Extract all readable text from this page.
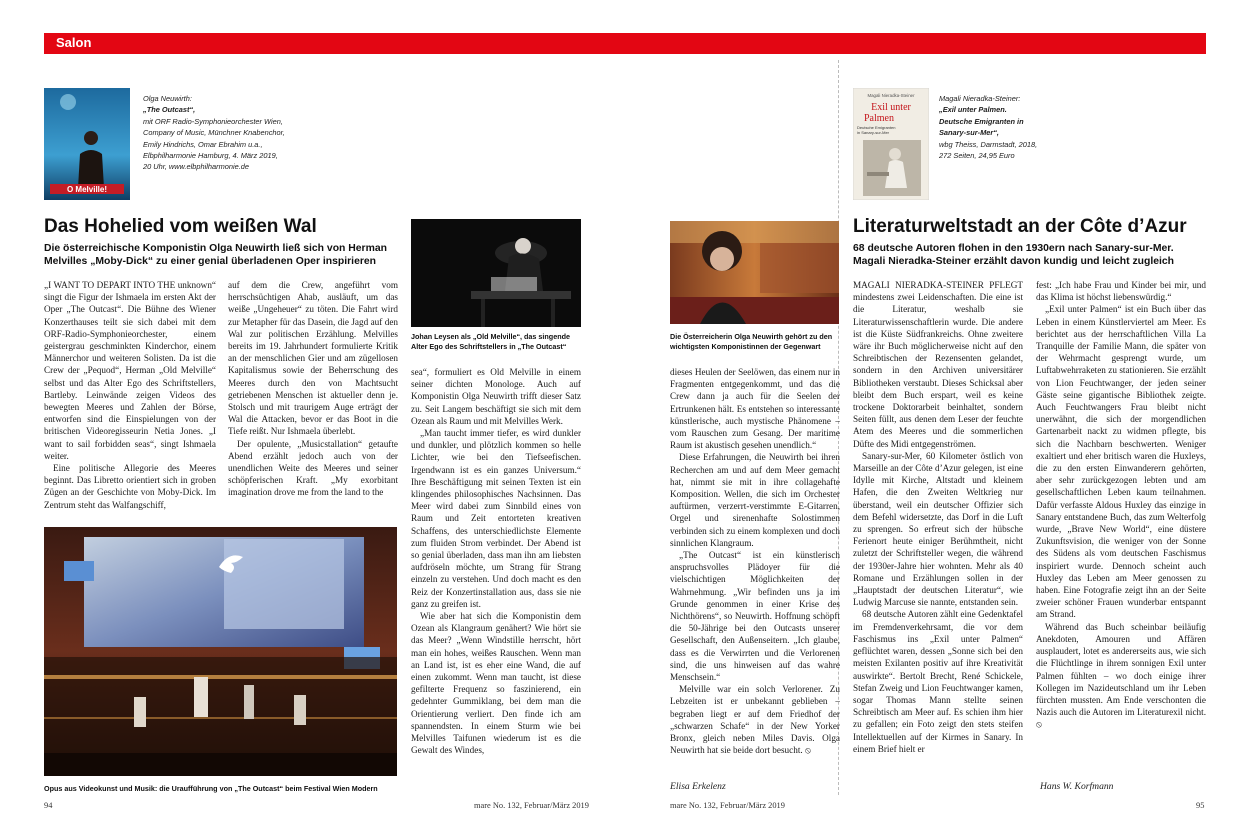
Salon
O Melville!
Olga Neuwirth:
„The Outcast“,
mit ORF Radio-Symphonieorchester Wien,
Company of Music, Münchner Knabenchor,
Emily Hindrichs, Omar Ebrahim u.a.,
Elbphilharmonie Hamburg, 4. März 2019,
20 Uhr, www.elbphilharmonie.de
Das Hohelied vom weißen Wal
Die österreichische Komponistin Olga Neuwirth ließ sich von Herman
Melvilles „Moby-Dick“ zu einer genial überladenen Oper inspirieren

„I WANT TO DEPART INTO THE unknown“ singt die Figur der Ishmaela im ersten Akt der Oper „The Outcast“. Die Bühne des Wiener Konzerthauses teilt sie sich dabei mit dem ORF-Radio-Symphonieorchester, einem geistergrau geschminkten Kinderchor, einem Männerchor und weiteren Solisten. Da ist die Crew der „Pequod“, Herman „Old Melville“ selbst und das Alter Ego des Schriftstellers, Bartleby. Leinwände zeigen Videos des bewegten Meeres und Zahlen der Börse, entworfen sind die Einspielungen von der britischen Videoregisseurin Netia Jones. „I want to sail forbidden seas“, singt Ishmaela weiter.

Eine politische Allegorie des Meeres beginnt. Das Libretto orientiert sich in groben Zügen an der Geschichte von Moby-Dick. Im Zentrum steht das Walfangschiff,

auf dem die Crew, angeführt vom herrschsüchtigen Ahab, ausläuft, um das weiße „Ungeheuer“ zu töten. Die Fahrt wird zur Metapher für das Dasein, die Jagd auf den Wal zur politischen Erzählung. Melvilles bereits im 19. Jahrhundert formulierte Kritik an der menschlichen Gier und am zügellosen Kapitalismus sowie der Beherrschung des Meeres durch den von Machtsucht getriebenen Menschen ist aktueller denn je. Stolsch und mit traurigem Auge erträgt der Wal die Attacken, bevor er das Boot in die Tiefe reißt. Nur Ishmaela überlebt.

Der opulente, „Musicstallation“ getaufte Abend erzählt jedoch auch von der unendlichen Weite des Meeres und seiner schöpferischen Kraft. „My exorbitant imagination drove me from the land to the

Johan Leysen als „Old Melville“, das singende
Alter Ego des Schriftstellers in „The Outcast“

sea“, formuliert es Old Melville in einem seiner dichten Monologe. Auch auf Komponistin Olga Neuwirth trifft dieser Satz zu. Seit Langem beschäftigt sie sich mit dem Ozean als Raum und mit Melvilles Werk.

„Man taucht immer tiefer, es wird dunkler und dunkler, und plötzlich kommen so helle Lichter, wie bei den Tiefseefischen. Irgendwann ist es ein ganzes Universum.“ Ihre Beschäftigung mit seinen Texten ist ein klingendes philosophisches Nachsinnen. Das Meer wird dabei zum Sinnbild eines von Raum und Zeit entorteten kreativen Schaffens, des unterschiedlichste Elemente zum fluiden Strom verbindet. Der Abend ist so genial überladen, dass man ihn am liebsten aufdröseln möchte, um Strang für Strang einzeln zu verstehen. Und doch macht es den Reiz der Konzertinstallation aus, dass sie nie ganz zu greifen ist.

Wie aber hat sich die Komponistin dem Ozean als Klangraum genähert? Wie hört sie das Meer? „Wenn Windstille herrscht, hört man ein hohes, weißes Rauschen. Wenn man an Land ist, ist es eher eine Wand, die auf einen zukommt. Wenn man taucht, ist diese gefilterte Frequenz so faszinierend, ein gedehnter Gummiklang, bei dem man die Orientierung verliert. Den finde ich am spannendsten. In einem Sturm wie bei Melvilles Taifunen wiederum ist es die Gewalt des Windes,

Opus aus Videokunst und Musik: die Uraufführung von „The Outcast“ beim Festival Wien Modern
94	mare No. 132, Februar/März 2019
Die Österreicherin Olga Neuwirth gehört zu den
wichtigsten Komponistinnen der Gegenwart

dieses Heulen der Seelöwen, das einem nur in Fragmenten entgegenkommt, und das die Crew dann ja auch für die Seelen der Ertrunkenen hält. Es entstehen so interessante künstlerische, auch mystische Phänomene – vom Rauschen zum Gesang. Der maritime Raum ist akustisch gesehen unendlich.“

Diese Erfahrungen, die Neuwirth bei ihren Recherchen am und auf dem Meer gemacht hat, nimmt sie mit in ihre collagehafte Komposition. Wellen, die sich im Orchester auftürmen, verzerrt-verstimmte E-Gitarren, Orgel und sirenenhafte Solostimmen verbinden sich zu einem komplexen und doch sinnlichen Klangraum.

„The Outcast“ ist ein künstlerisch anspruchsvolles Plädoyer für die vielschichtigen Möglichkeiten der Wahrnehmung. „Wir befinden uns ja im Grunde genommen in einer Krise des Nichthörens“, so Neuwirth. Hoffnung schöpft die 50-Jährige bei den Outcasts unserer Gesellschaft, den Außenseitern. „Ich glaube, dass es die Verwirrten und die Verlorenen sind, die uns hinweisen auf das wahre Menschsein.“

Melville war ein solch Verlorener. Zu Lebzeiten ist er unbekannt geblieben – begraben liegt er auf dem Friedhof der „schwarzen Schafe“ in der New Yorker Bronx, gleich neben Miles Davis. Olga Neuwirth hat sie beide dort besucht. ⦸

Elisa Erkelenz
Magali Nieradka-Steiner
Exil unter
Palmen
Deutsche Emigranten
in Sanary-sur-Mer
Magali Nieradka-Steiner:
„Exil unter Palmen.
Deutsche Emigranten in
Sanary-sur-Mer“,
wbg Theiss, Darmstadt, 2018,
272 Seiten, 24,95 Euro
Literaturweltstadt an der Côte d’Azur
68 deutsche Autoren flohen in den 1930ern nach Sanary-sur-Mer.
Magali Nieradka-Steiner erzählt davon kundig und leicht zugleich

MAGALI NIERADKA-STEINER PFLEGT mindestens zwei Leidenschaften. Die eine ist die Literatur, weshalb sie Literaturwissenschaftlerin wurde. Die andere ist die Küste Südfrankreichs. Ohne zweitere wäre ihr Buch möglicherweise nicht auf den Schreibtischen der Rezensenten gelandet, sondern in den Archiven universitärer Bibliotheken verstaubt. Dieses Schicksal aber bleibt dem Buch erspart, weil es keine trockene Doktorarbeit beinhaltet, sondern Seiten füllt, aus denen dem Leser der feuchte Atem des Meeres und die sommerlichen Düfte des Midi entgegenströmen.

Sanary-sur-Mer, 60 Kilometer östlich von Marseille an der Côte d’Azur gelegen, ist eine Idylle mit Kirche, Altstadt und kleinem Hafen, die den Zweiten Weltkrieg nur überstand, weil ein deutscher Offizier sich dem Befehl widersetzte, das Dorf in die Luft zu sprengen. So erfreut sich der hübsche Ferienort heute einiger Berühmtheit, nicht zuletzt der Schriftsteller wegen, die während der 1930er-Jahre hier wohnten. Mehr als 40 Romane und Erzählungen sollen in der „Hauptstadt der deutschen Literatur“, wie Ludwig Marcuse sie nannte, entstanden sein.

68 deutsche Autoren zählt eine Gedenktafel im Fremdenverkehrsamt, die vor dem Faschismus ins „Exil unter Palmen“ geflüchtet waren, dessen „Sonne sich bei den meisten Exilanten positiv auf ihre Kreativität auswirkte“. Bertolt Brecht, René Schickele, Stefan Zweig und Lion Feuchtwanger kamen, sogar Thomas Mann stellte seinen Schreibtisch am Meer auf. Es schien ihm hier zu gefallen; ein Foto zeigt den stets steifen Intellektuellen auf der Kirmes in Sanary. In einem Brief hielt er

fest: „Ich habe Frau und Kinder bei mir, und das Klima ist höchst liebenswürdig.“

„Exil unter Palmen“ ist ein Buch über das Leben in einem Künstlerviertel am Meer. Es berichtet aus der herrschaftlichen Villa La Tranquille der Familie Mann, die später von der Wehrmacht gesprengt wurde, um Luftabwehrraketen zu stationieren. Sie erzählt von Lion Feuchtwanger, der jeden seiner Gäste seine gigantische Bibliothek zeigte. Auch Feuchtwangers Frau bleibt nicht unerwähnt, die sich der morgendlichen Gartenarbeit nackt zu widmen pflegte, bis sich die Nachbarn beschwerten. Weniger exaltiert und eher britisch waren die Huxleys, die zu den ersten Einwanderern gehörten, aber sehr zurückgezogen lebten und am gesellschaftlichen Leben kaum teilnahmen. Dafür verfasste Aldous Huxley das einzige in Sanary entstandene Buch, das zum Welterfolg wurde, „Brave New World“, eine düstere Zukunftsvision, die weniger von der Sonne des Südens als vom deutschen Faschismus inspiriert wurde. Dennoch scheint auch Huxley das Leben am Meer genossen zu haben. Eine Fotografie zeigt ihn an der Seite zweier schöner Frauen wunderbar entspannt am Strand.

Während das Buch scheinbar beiläufig Anekdoten, Amouren und Affären ausplaudert, lotet es andererseits aus, wie sich die Flüchtlinge in ihrem sonnigen Exil unter Palmen fühlten – wo doch einige ihrer Kollegen im Nazideutschland um ihr Leben fürchten mussten. Am Ende verschonten die Nazis auch die Autoren im Literaturexil nicht. ⦸

Hans W. Korfmann
mare No. 132, Februar/März 2019	95
